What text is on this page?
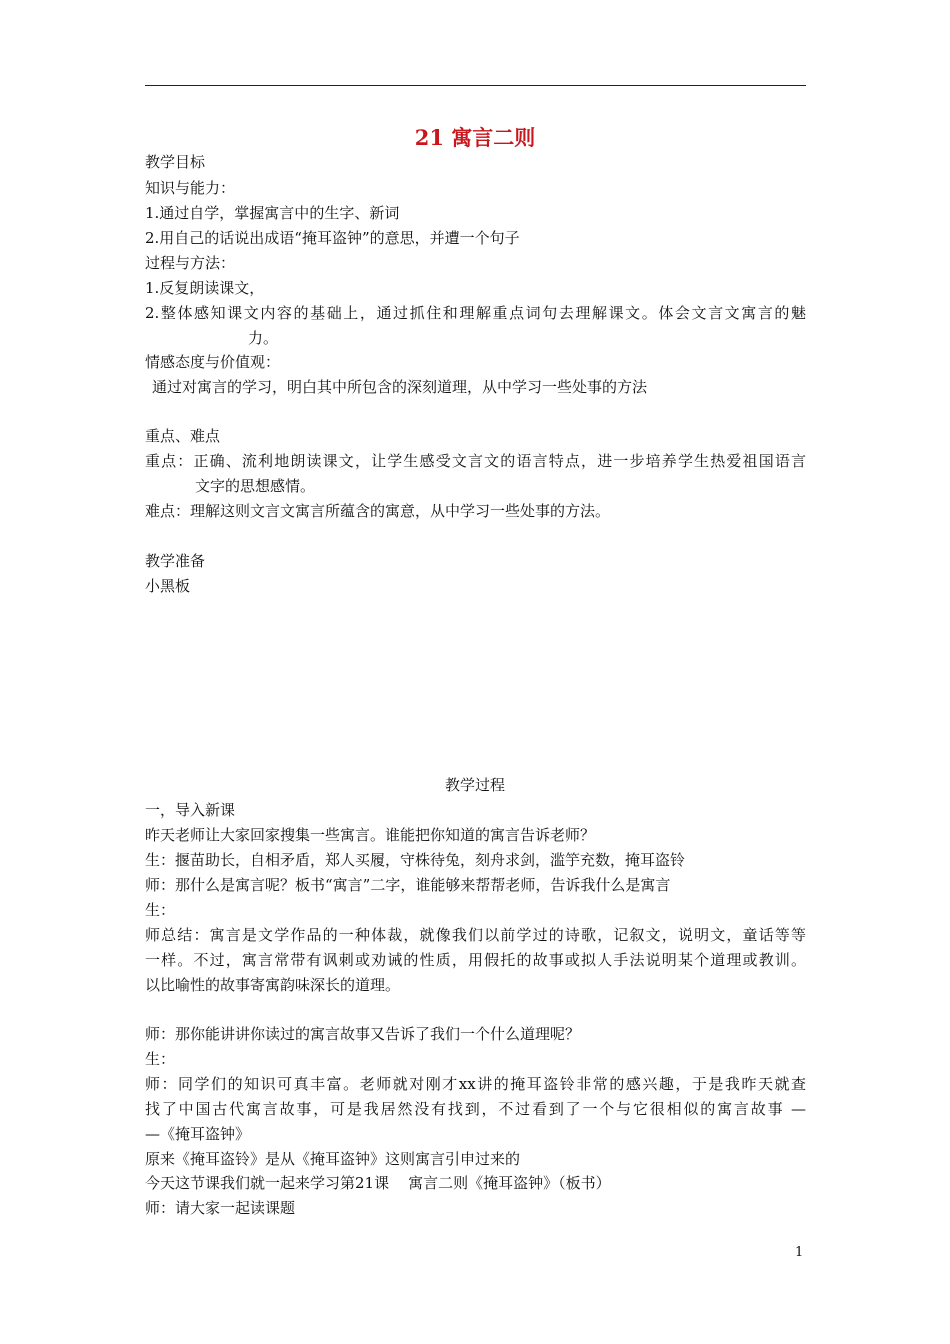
21 寓言二则
教学目标
知识与能力：
1.通过自学，掌握寓言中的生字、新词
2.用自己的话说出成语“掩耳盗钟”的意思，并遭一个句子
过程与方法：
1.反复朗读课文，
2.整体感知课文内容的基础上，通过抓住和理解重点词句去理解课文。体会文言文寓言的魅
力。
情感态度与价值观：
通过对寓言的学习，明白其中所包含的深刻道理，从中学习一些处事的方法
重点、难点
重点：正确、流利地朗读课文，让学生感受文言文的语言特点，进一步培养学生热爱祖国语言
文字的思想感情。
难点：理解这则文言文寓言所蕴含的寓意，从中学习一些处事的方法。
教学准备
小黑板
教学过程
一，导入新课
昨天老师让大家回家搜集一些寓言。谁能把你知道的寓言告诉老师？
生：揠苗助长，自相矛盾，郑人买履，守株待兔，刻舟求剑，滥竽充数，掩耳盗铃
师：那什么是寓言呢？板书“寓言”二字，谁能够来帮帮老师，告诉我什么是寓言
生：
师总结：寓言是文学作品的一种体裁，就像我们以前学过的诗歌，记叙文，说明文，童话等等
一样。不过，寓言常带有讽刺或劝诫的性质，用假托的故事或拟人手法说明某个道理或教训。
以比喻性的故事寄寓韵味深长的道理。
师：那你能讲讲你读过的寓言故事又告诉了我们一个什么道理呢？
生：
师：同学们的知识可真丰富。老师就对刚才xx讲的掩耳盗铃非常的感兴趣，于是我昨天就查
找了中国古代寓言故事，可是我居然没有找到，不过看到了一个与它很相似的寓言故事 —
—《掩耳盗钟》
原来《掩耳盗铃》是从《掩耳盗钟》这则寓言引申过来的
今天这节课我们就一起来学习第21课    寓言二则《掩耳盗钟》（板书）
师：请大家一起读课题
1
